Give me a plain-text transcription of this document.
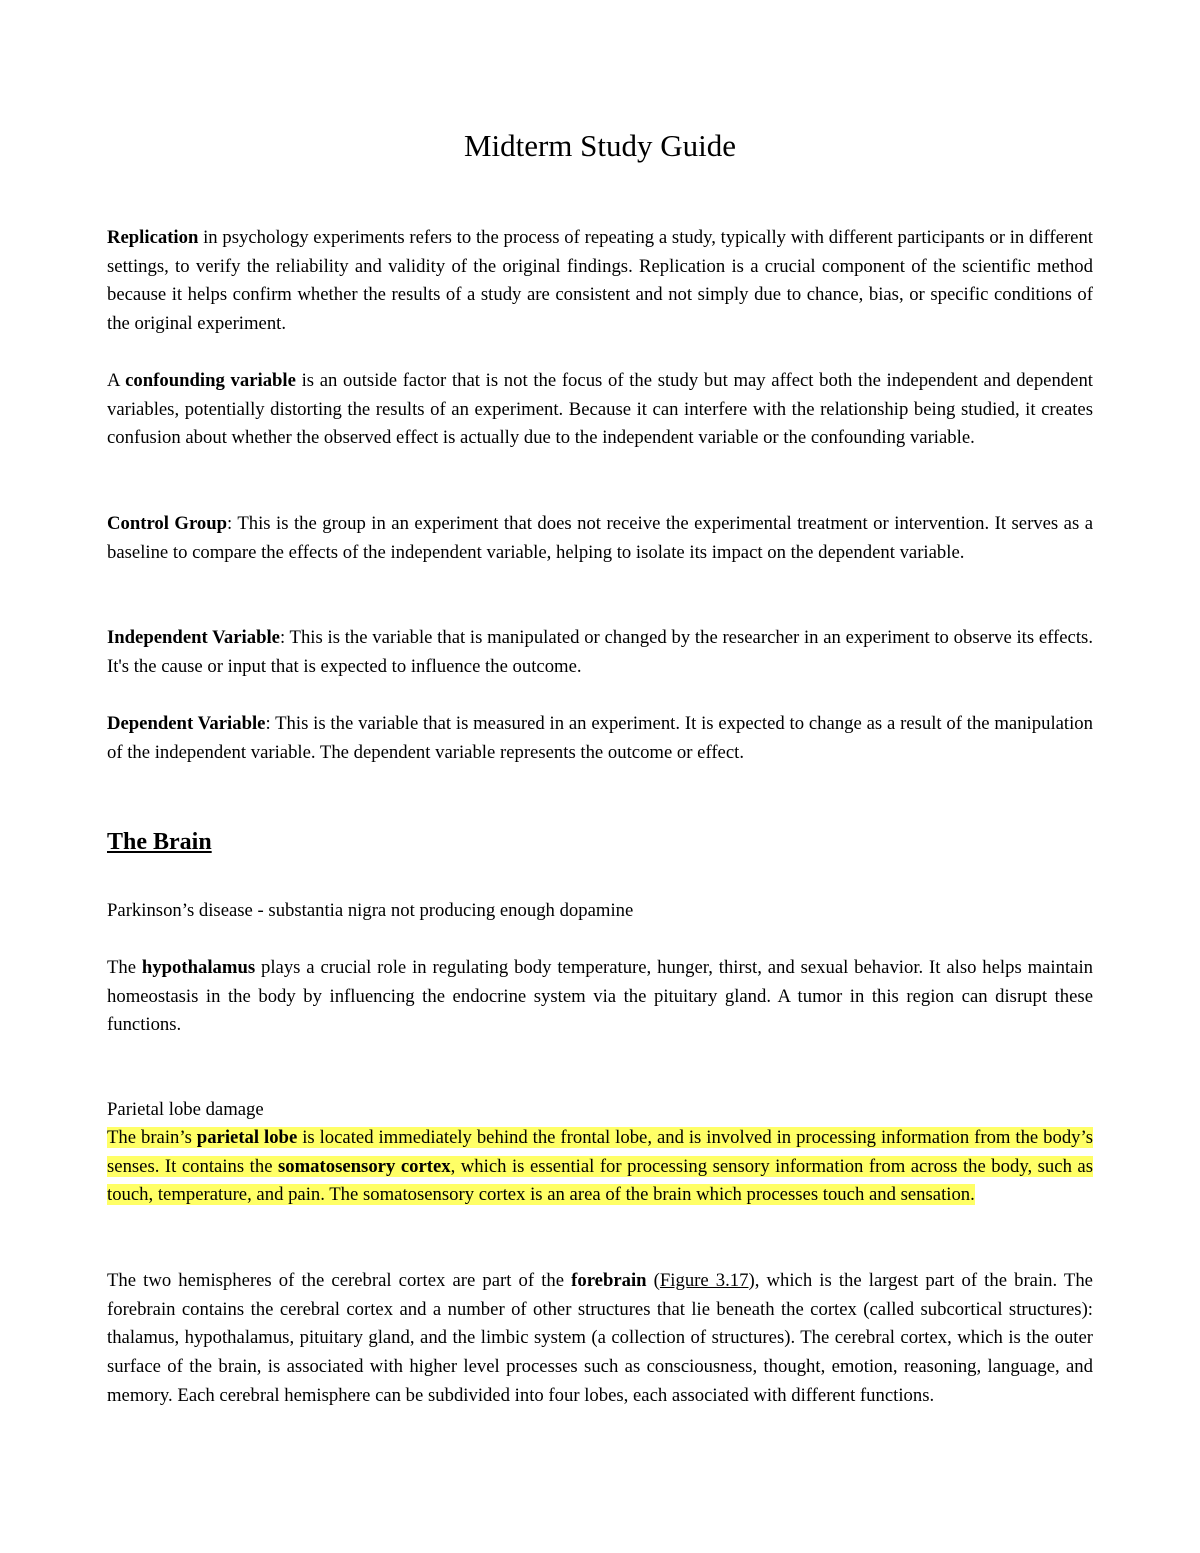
Midterm Study Guide

Replication in psychology experiments refers to the process of repeating a study, typically with different participants or in different settings, to verify the reliability and validity of the original findings. Replication is a crucial component of the scientific method because it helps confirm whether the results of a study are consistent and not simply due to chance, bias, or specific conditions of the original experiment.

A confounding variable is an outside factor that is not the focus of the study but may affect both the independent and dependent variables, potentially distorting the results of an experiment. Because it can interfere with the relationship being studied, it creates confusion about whether the observed effect is actually due to the independent variable or the confounding variable.

Control Group: This is the group in an experiment that does not receive the experimental treatment or intervention. It serves as a baseline to compare the effects of the independent variable, helping to isolate its impact on the dependent variable.

Independent Variable: This is the variable that is manipulated or changed by the researcher in an experiment to observe its effects. It's the cause or input that is expected to influence the outcome.

Dependent Variable: This is the variable that is measured in an experiment. It is expected to change as a result of the manipulation of the independent variable. The dependent variable represents the outcome or effect.

The Brain

Parkinson’s disease - substantia nigra not producing enough dopamine

The hypothalamus plays a crucial role in regulating body temperature, hunger, thirst, and sexual behavior. It also helps maintain homeostasis in the body by influencing the endocrine system via the pituitary gland. A tumor in this region can disrupt these functions.

Parietal lobe damage

The brain’s parietal lobe is located immediately behind the frontal lobe, and is involved in processing information from the body’s senses. It contains the somatosensory cortex, which is essential for processing sensory information from across the body, such as touch, temperature, and pain. The somatosensory cortex is an area of the brain which processes touch and sensation.

The two hemispheres of the cerebral cortex are part of the forebrain (Figure 3.17), which is the largest part of the brain. The forebrain contains the cerebral cortex and a number of other structures that lie beneath the cortex (called subcortical structures): thalamus, hypothalamus, pituitary gland, and the limbic system (a collection of structures). The cerebral cortex, which is the outer surface of the brain, is associated with higher level processes such as consciousness, thought, emotion, reasoning, language, and memory. Each cerebral hemisphere can be subdivided into four lobes, each associated with different functions.
